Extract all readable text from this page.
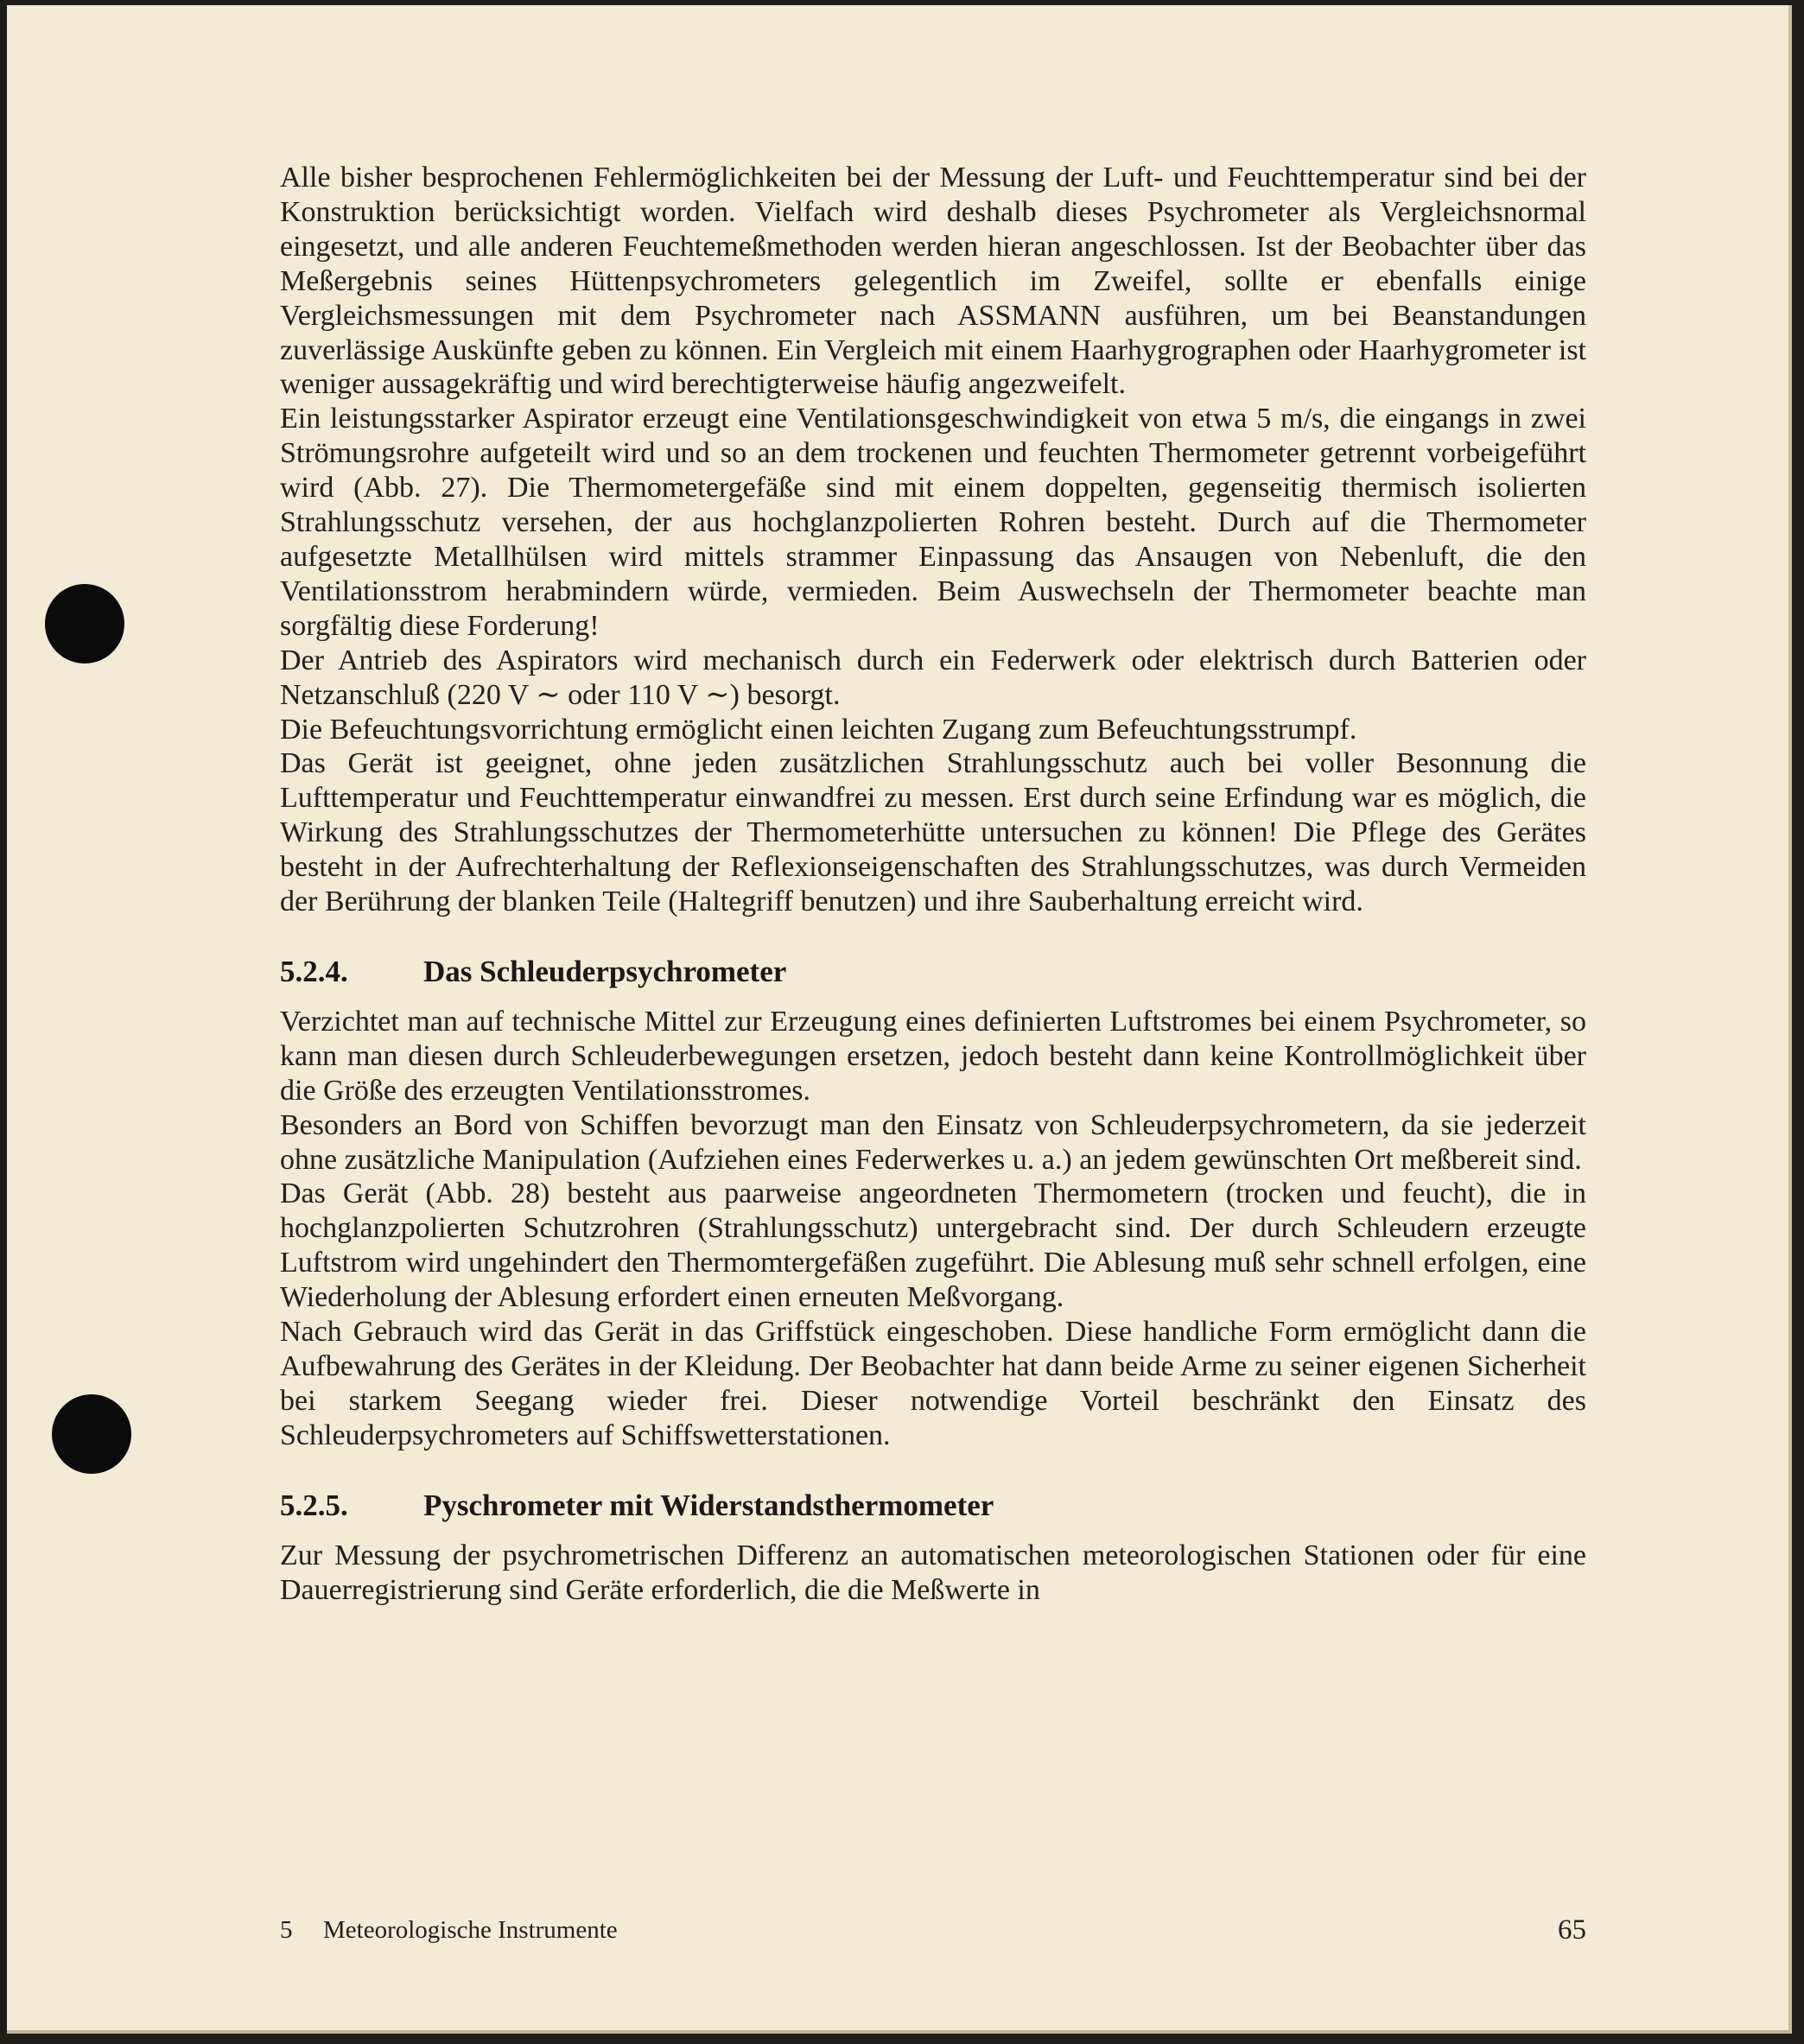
Alle bisher besprochenen Fehlermöglichkeiten bei der Messung der Luft- und Feuchttemperatur sind bei der Konstruktion berücksichtigt worden. Vielfach wird deshalb dieses Psychrometer als Vergleichsnormal eingesetzt, und alle anderen Feuchtemeßmethoden werden hieran angeschlossen. Ist der Beobachter über das Meßergebnis seines Hüttenpsychrometers gelegentlich im Zweifel, sollte er ebenfalls einige Vergleichsmessungen mit dem Psychrometer nach ASSMANN ausführen, um bei Beanstandungen zuverlässige Auskünfte geben zu können. Ein Vergleich mit einem Haarhygrographen oder Haarhygrometer ist weniger aussagekräftig und wird berechtigterweise häufig angezweifelt.

Ein leistungsstarker Aspirator erzeugt eine Ventilationsgeschwindigkeit von etwa 5 m/s, die eingangs in zwei Strömungsrohre aufgeteilt wird und so an dem trockenen und feuchten Thermometer getrennt vorbeigeführt wird (Abb. 27). Die Thermometergefäße sind mit einem doppelten, gegenseitig thermisch isolierten Strahlungsschutz versehen, der aus hochglanzpolierten Rohren besteht. Durch auf die Thermometer aufgesetzte Metallhülsen wird mittels strammer Einpassung das Ansaugen von Nebenluft, die den Ventilationsstrom herabmindern würde, vermieden. Beim Auswechseln der Thermometer beachte man sorgfältig diese Forderung!

Der Antrieb des Aspirators wird mechanisch durch ein Federwerk oder elektrisch durch Batterien oder Netzanschluß (220 V ∼ oder 110 V ∼) besorgt.

Die Befeuchtungsvorrichtung ermöglicht einen leichten Zugang zum Befeuchtungsstrumpf.

Das Gerät ist geeignet, ohne jeden zusätzlichen Strahlungsschutz auch bei voller Besonnung die Lufttemperatur und Feuchttemperatur einwandfrei zu messen. Erst durch seine Erfindung war es möglich, die Wirkung des Strahlungsschutzes der Thermometerhütte untersuchen zu können! Die Pflege des Gerätes besteht in der Aufrechterhaltung der Reflexionseigenschaften des Strahlungsschutzes, was durch Vermeiden der Berührung der blanken Teile (Haltegriff benutzen) und ihre Sauberhaltung erreicht wird.

5.2.4. Das Schleuderpsychrometer

Verzichtet man auf technische Mittel zur Erzeugung eines definierten Luftstromes bei einem Psychrometer, so kann man diesen durch Schleuderbewegungen ersetzen, jedoch besteht dann keine Kontrollmöglichkeit über die Größe des erzeugten Ventilationsstromes.

Besonders an Bord von Schiffen bevorzugt man den Einsatz von Schleuderpsychrometern, da sie jederzeit ohne zusätzliche Manipulation (Aufziehen eines Federwerkes u. a.) an jedem gewünschten Ort meßbereit sind.

Das Gerät (Abb. 28) besteht aus paarweise angeordneten Thermometern (trocken und feucht), die in hochglanzpolierten Schutzrohren (Strahlungsschutz) untergebracht sind. Der durch Schleudern erzeugte Luftstrom wird ungehindert den Thermomtergefäßen zugeführt. Die Ablesung muß sehr schnell erfolgen, eine Wiederholung der Ablesung erfordert einen erneuten Meßvorgang.

Nach Gebrauch wird das Gerät in das Griffstück eingeschoben. Diese handliche Form ermöglicht dann die Aufbewahrung des Gerätes in der Kleidung. Der Beobachter hat dann beide Arme zu seiner eigenen Sicherheit bei starkem Seegang wieder frei. Dieser notwendige Vorteil beschränkt den Einsatz des Schleuderpsychrometers auf Schiffswetterstationen.

5.2.5. Pyschrometer mit Widerstandsthermometer

Zur Messung der psychrometrischen Differenz an automatischen meteorologischen Stationen oder für eine Dauerregistrierung sind Geräte erforderlich, die die Meßwerte in

5 Meteorologische Instrumente	65
